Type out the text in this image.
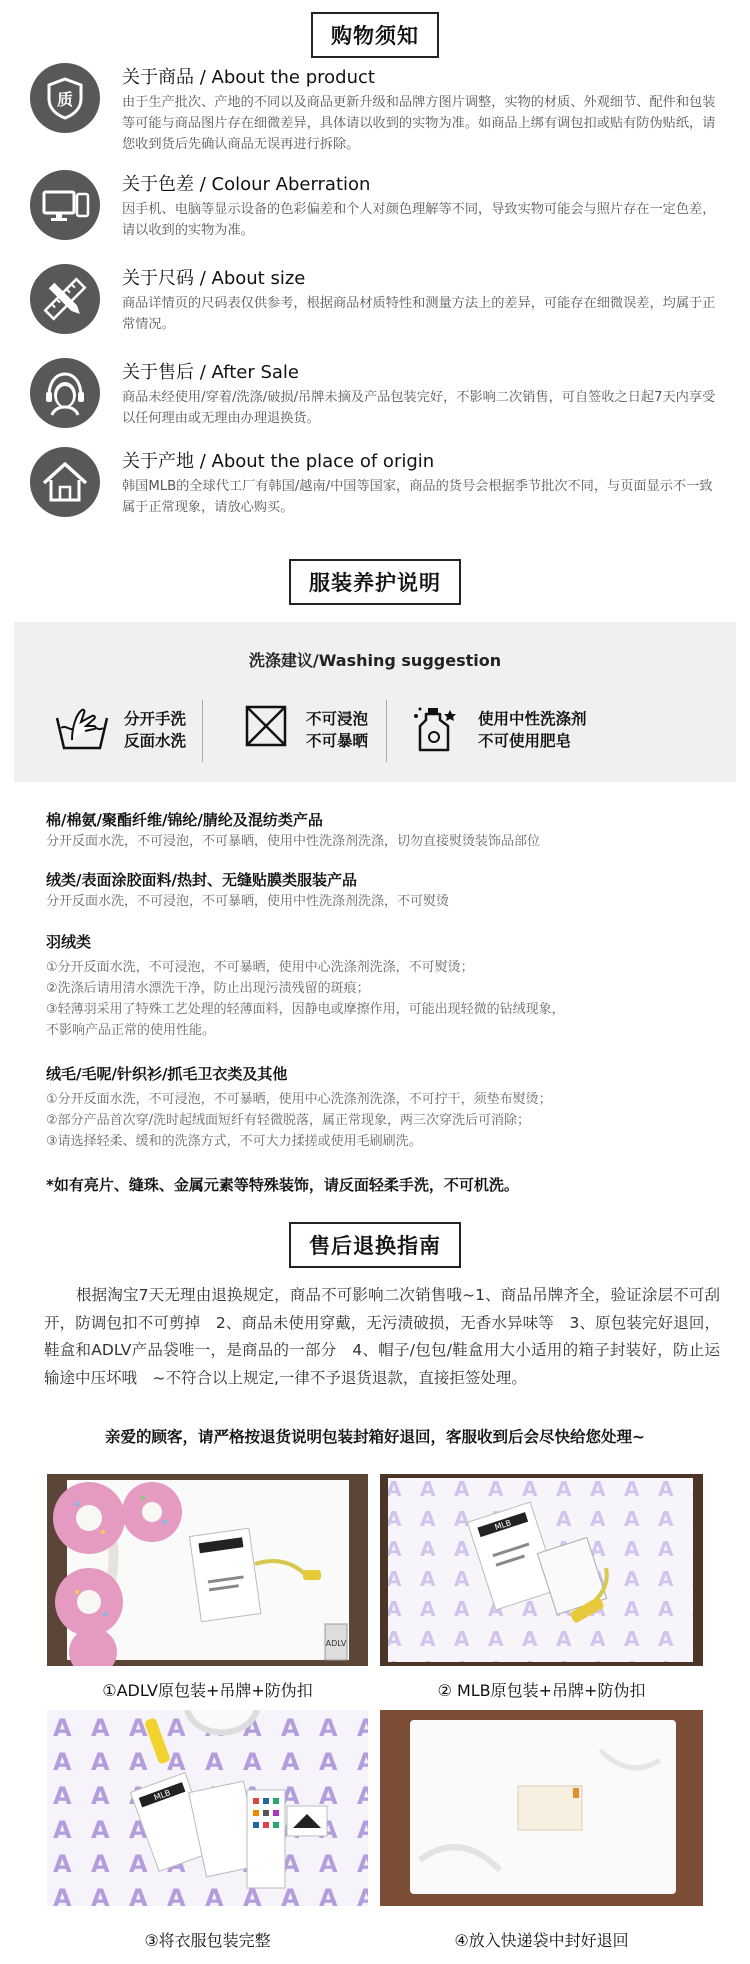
购物须知
质
关于商品 / About the product
由于生产批次、产地的不同以及商品更新升级和品牌方图片调整，实物的材质、外观细节、配件和包装等可能与商品图片存在细微差异，具体请以收到的实物为准。如商品上绑有调包扣或贴有防伪贴纸，请您收到货后先确认商品无误再进行拆除。
关于色差 / Colour Aberration
因手机、电脑等显示设备的色彩偏差和个人对颜色理解等不同，导致实物可能会与照片存在一定色差，请以收到的实物为准。
关于尺码 / About size
商品详情页的尺码表仅供参考，根据商品材质特性和测量方法上的差异，可能存在细微误差，均属于正常情况。
关于售后 / After Sale
商品未经使用/穿着/洗涤/破损/吊牌未摘及产品包装完好，不影响二次销售，可自签收之日起7天内享受以任何理由或无理由办理退换货。
关于产地 / About the place of origin
韩国MLB的全球代工厂有韩国/越南/中国等国家，商品的货号会根据季节批次不同，与页面显示不一致属于正常现象，请放心购买。
服装养护说明
洗涤建议/Washing suggestion
分开手洗
反面水洗
不可浸泡
不可暴晒
使用中性洗涤剂
不可使用肥皂

棉/棉氨/聚酯纤维/锦纶/腈纶及混纺类产品

分开反面水洗，不可浸泡，不可暴晒，使用中性洗涤剂洗涤，切勿直接熨烫装饰品部位

绒类/表面涂胶面料/热封、无缝贴膜类服装产品

分开反面水洗，不可浸泡，不可暴晒，使用中性洗涤剂洗涤，不可熨烫

羽绒类

①分开反面水洗，不可浸泡，不可暴晒，使用中心洗涤剂洗涤，不可熨烫；

②洗涤后请用清水漂洗干净，防止出现污渍残留的斑痕；

③轻薄羽采用了特殊工艺处理的轻薄面料，因静电或摩擦作用，可能出现轻微的钻绒现象，

不影响产品正常的使用性能。

绒毛/毛呢/针织衫/抓毛卫衣类及其他

①分开反面水洗，不可浸泡，不可暴晒，使用中心洗涤剂洗涤，不可拧干，须垫布熨烫；

②部分产品首次穿/洗时起绒面短纤有轻微脱落，属正常现象，两三次穿洗后可消除；

③请选择轻柔、缓和的洗涤方式，不可大力揉搓或使用毛刷刷洗。

*如有亮片、缝珠、金属元素等特殊装饰，请反面轻柔手洗，不可机洗。
售后退换指南
根据淘宝7天无理由退换规定，商品不可影响二次销售哦~1、商品吊牌齐全，验证涂层不可刮开，防调包扣不可剪掉　2、商品未使用穿戴，无污渍破损，无香水异味等　3、原包装完好退回，鞋盒和ADLV产品袋唯一，是商品的一部分　4、帽子/包包/鞋盒用大小适用的箱子封装好，防止运输途中压坏哦　~不符合以上规定,一律不予退货退款，直接拒签处理。
亲爱的顾客，请严格按退货说明包装封箱好退回，客服收到后会尽快给您处理~
ADLV
①ADLV原包装+吊牌+防伪扣
MLB
② MLB原包装+吊牌+防伪扣
MLB
③将衣服包装完整	④放入快递袋中封好退回
